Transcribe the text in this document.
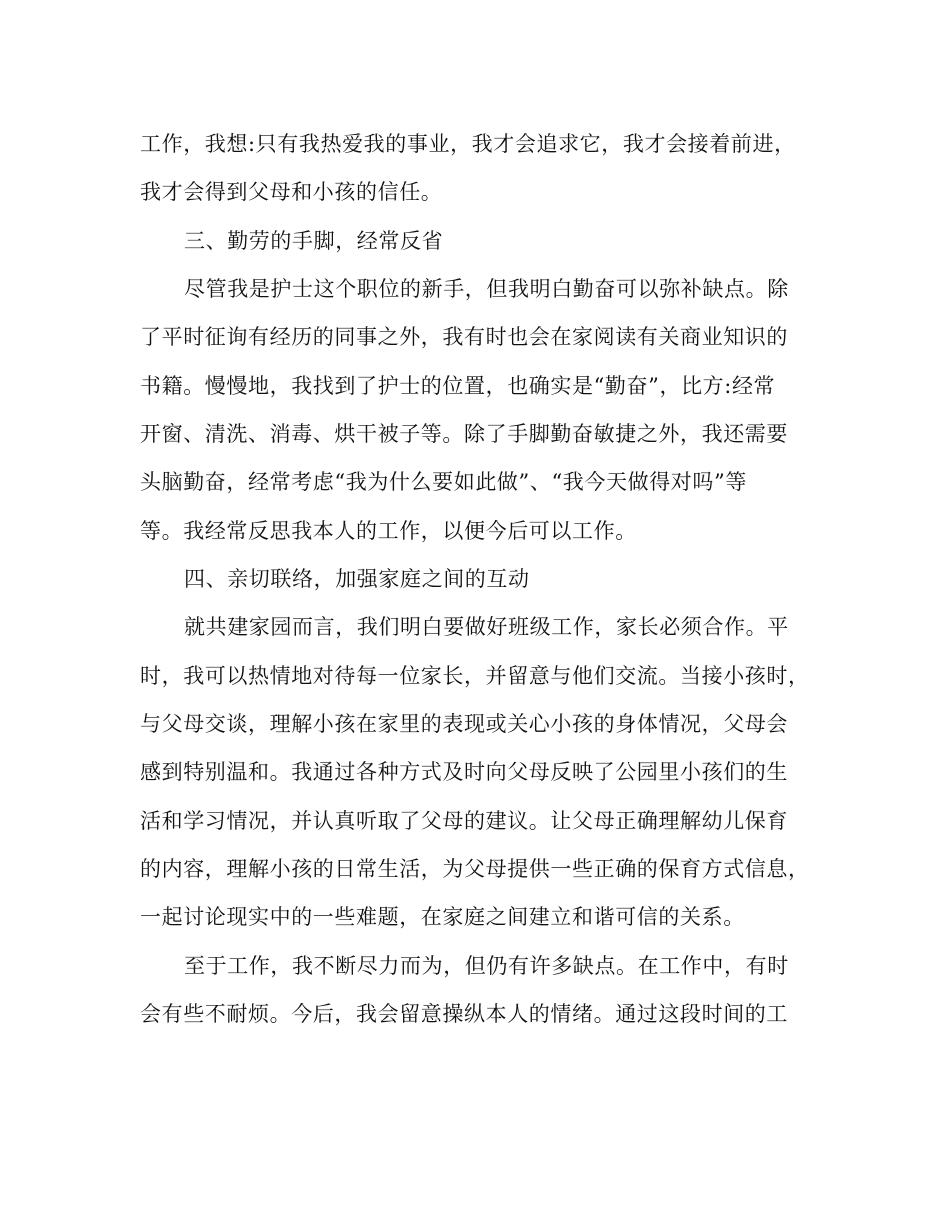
工作，我想:只有我热爱我的事业，我才会追求它，我才会接着前进，
我才会得到父母和小孩的信任。
三、勤劳的手脚，经常反省
尽管我是护士这个职位的新手，但我明白勤奋可以弥补缺点。除
了平时征询有经历的同事之外，我有时也会在家阅读有关商业知识的
书籍。慢慢地，我找到了护士的位置，也确实是“勤奋”，比方:经常
开窗、清洗、消毒、烘干被子等。除了手脚勤奋敏捷之外，我还需要
头脑勤奋，经常考虑“我为什么要如此做”、“我今天做得对吗”等
等。我经常反思我本人的工作，以便今后可以工作。
四、亲切联络，加强家庭之间的互动
就共建家园而言，我们明白要做好班级工作，家长必须合作。平
时，我可以热情地对待每一位家长，并留意与他们交流。当接小孩时，
与父母交谈，理解小孩在家里的表现或关心小孩的身体情况，父母会
感到特别温和。我通过各种方式及时向父母反映了公园里小孩们的生
活和学习情况，并认真听取了父母的建议。让父母正确理解幼儿保育
的内容，理解小孩的日常生活，为父母提供一些正确的保育方式信息，
一起讨论现实中的一些难题，在家庭之间建立和谐可信的关系。
至于工作，我不断尽力而为，但仍有许多缺点。在工作中，有时
会有些不耐烦。今后，我会留意操纵本人的情绪。通过这段时间的工
